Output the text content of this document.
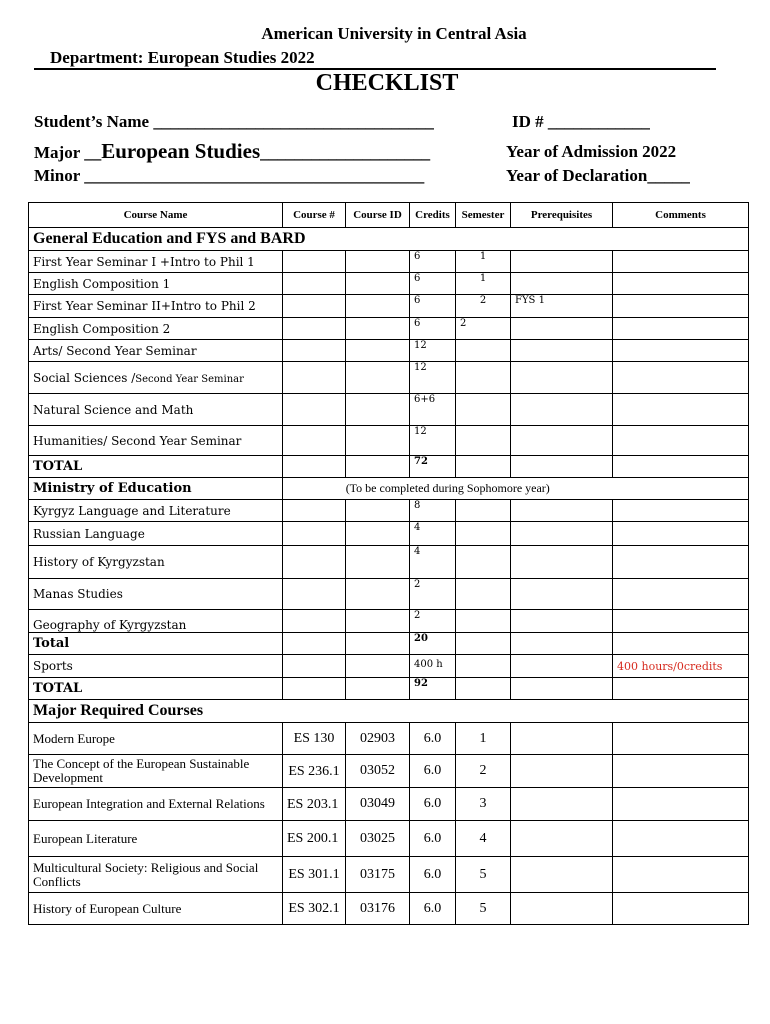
American University in Central Asia
Department: European Studies 2022
CHECKLIST
Student’s Name _________________________________	ID # ____________
Major __European Studies____________________	Year of Admission 2022
Minor ________________________________________	Year of Declaration_____
Course Name	Course #	Course ID	Credits	Semester	Prerequisites	Comments
General Education and FYS and BARD						
First Year Seminar I +Intro to Phil 1			6	1		
English Composition 1			6	1		
First Year Seminar II+Intro to Phil 2			6	2	FYS 1	
English Composition 2			6	2		
Arts/ Second Year Seminar			12			
Social Sciences /Second Year Seminar			12			
Natural Science and Math			6+6			
Humanities/ Second Year Seminar			12			
TOTAL			72			
Ministry of Education	(To be completed during Sophomore year)					
Kyrgyz Language and Literature			8			
Russian Language			4			
History of Kyrgyzstan			4			
Manas Studies			2			
Geography of Kyrgyzstan			2			
Total			20			
Sports			400 h			400 hours/0credits
TOTAL			92			
Major Required Courses						
Modern Europe	ES 130	02903	6.0	1		
The Concept of the European Sustainable Development	ES 236.1	03052	6.0	2		
European Integration and External Relations	ES 203.1	03049	6.0	3		
European Literature	ES 200.1	03025	6.0	4		
Multicultural Society: Religious and Social Conflicts	ES 301.1	03175	6.0	5		
History of European Culture	ES 302.1	03176	6.0	5		
